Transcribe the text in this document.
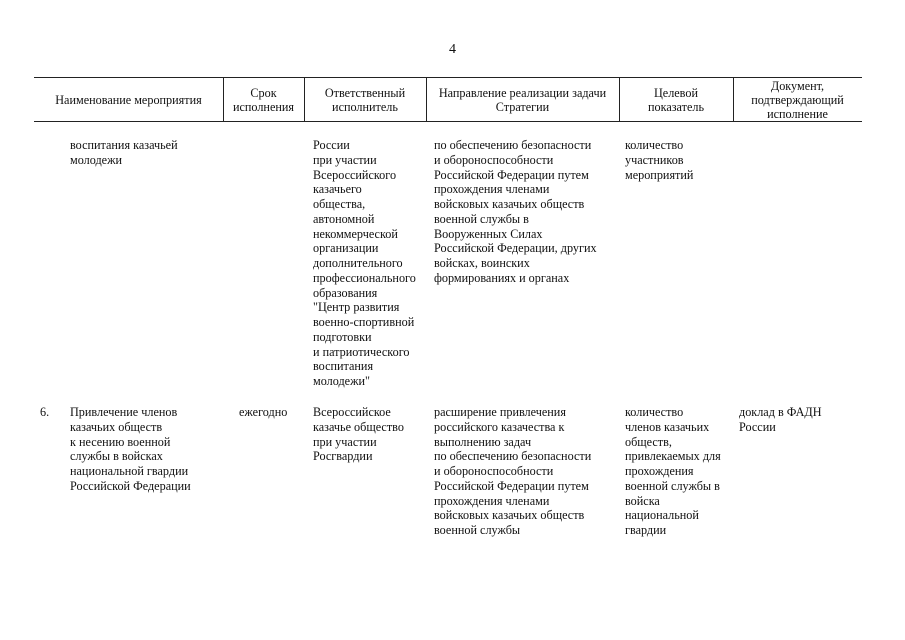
4
Наименование мероприятия	Срок
исполнения
Ответственный
исполнитель
Направление реализации задачи
Стратегии
Целевой
показатель
Документ,
подтверждающий
исполнение
воспитания казачьей
молодежи
России
при участии
Всероссийского
казачьего
общества,
автономной
некоммерческой
организации
дополнительного
профессионального
образования
"Центр развития
военно-спортивной
подготовки
и патриотического
воспитания
молодежи"
по обеспечению безопасности
и обороноспособности
Российской Федерации путем
прохождения членами
войсковых казачьих обществ
военной службы в
Вооруженных Силах
Российской Федерации, других
войсках, воинских
формированиях и органах
количество
участников
мероприятий
6. Привлечение членов
казачьих обществ
к несению военной
службы в войсках
национальной гвардии
Российской Федерации
ежегодно Всероссийское
казачье общество
при участии
Росгвардии
расширение привлечения
российского казачества к
выполнению задач
по обеспечению безопасности
и обороноспособности
Российской Федерации путем
прохождения членами
войсковых казачьих обществ
военной службы
количество
членов казачьих
обществ,
привлекаемых для
прохождения
военной службы в
войска
национальной
гвардии
доклад в ФАДН
России
